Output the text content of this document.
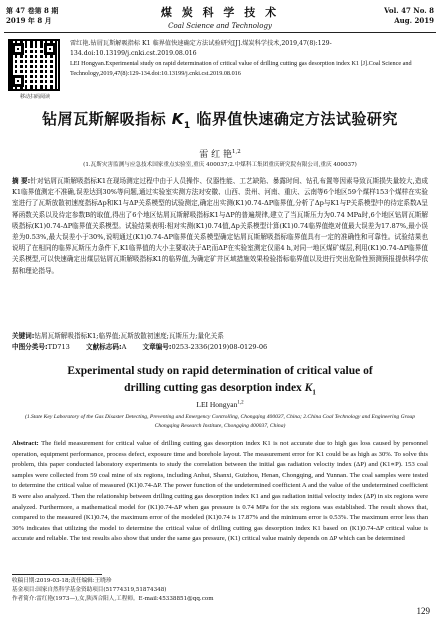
第 47 卷第 8 期
2019 年 8 月
煤 炭 科 学 技 术
Coal Science and Technology
Vol. 47 No. 8
Aug. 2019
移动扫码阅读
雷红艳.钻屑瓦斯解吸指标 K1 临界值快速确定方法试验研究[J].煤炭科学技术,2019,47(8):129-134.doi:10.13199/j.cnki.cst.2019.08.016
LEI Hongyan.Experimental study on rapid determination of critical value of drilling cutting gas desorption index K1 [J].Coal Science and Technology,2019,47(8):129-134.doi:10.13199/j.cnki.cst.2019.08.016
钻屑瓦斯解吸指标 $K_1$ 临界值快速确定方法试验研究
雷 红 艳$^{1,2}$
(1.瓦斯灾害监测与应急技术国家重点实验室,重庆 400037;2.中煤科工集团重庆研究院有限公司,重庆 400037)
摘 要:针对钻屑瓦斯解吸指标K1在现场测定过程中由于人员操作、仪器性能、工艺缺陷、暴露时间、钻孔布置等因素导致瓦斯损失量较大,造成K1临界值测定不准确,误差达到30%等问题,通过实验室实测方法对安徽、山西、贵州、河南、重庆、云南等6个地区59个煤样153个煤样在实验室进行了瓦斯放散初速度指标Δp和K1与ΔP关系模型的试验测定,确定出实测(K1)0.74-ΔP临界值,分析了Δp与K1与P关系模型中的待定系数A呈幂函数关系以及待定参数B的取值,得出了6个地区钻屑瓦斯解吸指标K1与ΔP的普遍规律,建立了当瓦斯压力为0.74 MPa时,6个地区钻屑瓦斯解吸指标(K1)0.74-ΔP临界值关系模型。试验结果表明:相对实测(K1)0.74值,Δp关系模型计算(K1)0.74临界值绝对值最大误差为17.87%,最小误差为0.53%,最大误差小于30%,说明通过(K1)0.74-ΔP临界值关系模型确定钻屑瓦斯解吸指标临界值具有一定的准确性和可靠性。试验结果也说明了在相同的临界瓦斯压力条件下,K1临界值的大小主要取决于ΔP,而ΔP在实验室测定仅需4 h,对同一地区煤矿煤层,利用(K1)0.74-ΔP临界值关系模型,可以快速确定出煤层钻屑瓦斯解吸指标K1的临界值,为确定矿井区域措施效果检验指标临界值以及进行突出危险性预测预报提供科学依据和理论指导。
关键词:钻屑瓦斯解吸指标K1;临界值;瓦斯放散初速度;瓦斯压力;量化关系
中图分类号:TD713 文献标志码:A 文章编号:0253-2336(2019)08-0129-06
Experimental study on rapid determination of critical value of
drilling cutting gas desorption index $K_1$
LEI Hongyan$^{1,2}$
(1.State Key Laboratory of the Gas Disaster Detecting, Preventing and Emergency Controlling, Chongqing 400037, China; 2.China Coal Technology and Engineering Group Chongqing Research Institute, Chongqing 400037, China)
Abstract: The field measurement for critical value of drilling cutting gas desorption index K1 is not accurate due to high gas loss caused by personnel operation, equipment performance, process defect, exposure time and borehole layout. The measurement error for K1 could be as high as 30%. To solve this problem, this paper conducted laboratory experiments to study the correlation between the initial gas radiation velocity index (ΔP) and (K1∝P). 153 coal samples were collected from 59 coal mine of six regions, including Anhui, Shanxi, Guizhou, Henan, Chongqing, and Yunnan. The coal samples were tested to determine the critical value of measured (K1)0.74-ΔP. The power function of the undetermined coefficient A and the value of the undetermined coefficient B were also analyzed. Then the relationship between drilling cutting gas desorption index K1 and gas radiation initial velocity index (ΔP) in six regions were analyzed. Furthermore, a mathematical model for (K1)0.74-ΔP when gas pressure is 0.74 MPa for the six regions was established. The result shows that, compared to the measured (K1)0.74, the maximum error of the modeled (K1)0.74 is 17.87% and the minimum error is 0.53%. The maximum error less than 30% indicates that utilizing the model to determine the critical value of drilling cutting gas desorption index K1 based on (K1)0.74-ΔP critical value is accurate and reliable. The test results also show that under the same gas pressure, (K1) critical value mainly depends on ΔP which can be determined
收稿日期:2019-03-18;责任编辑:王晓珍
基金项目:国家自然科学基金资助项目(51774319,51874348)
作者简介:雷红艳(1973—),女,陕西合阳人,工程师。E-mail:45338851@qq.com
129
